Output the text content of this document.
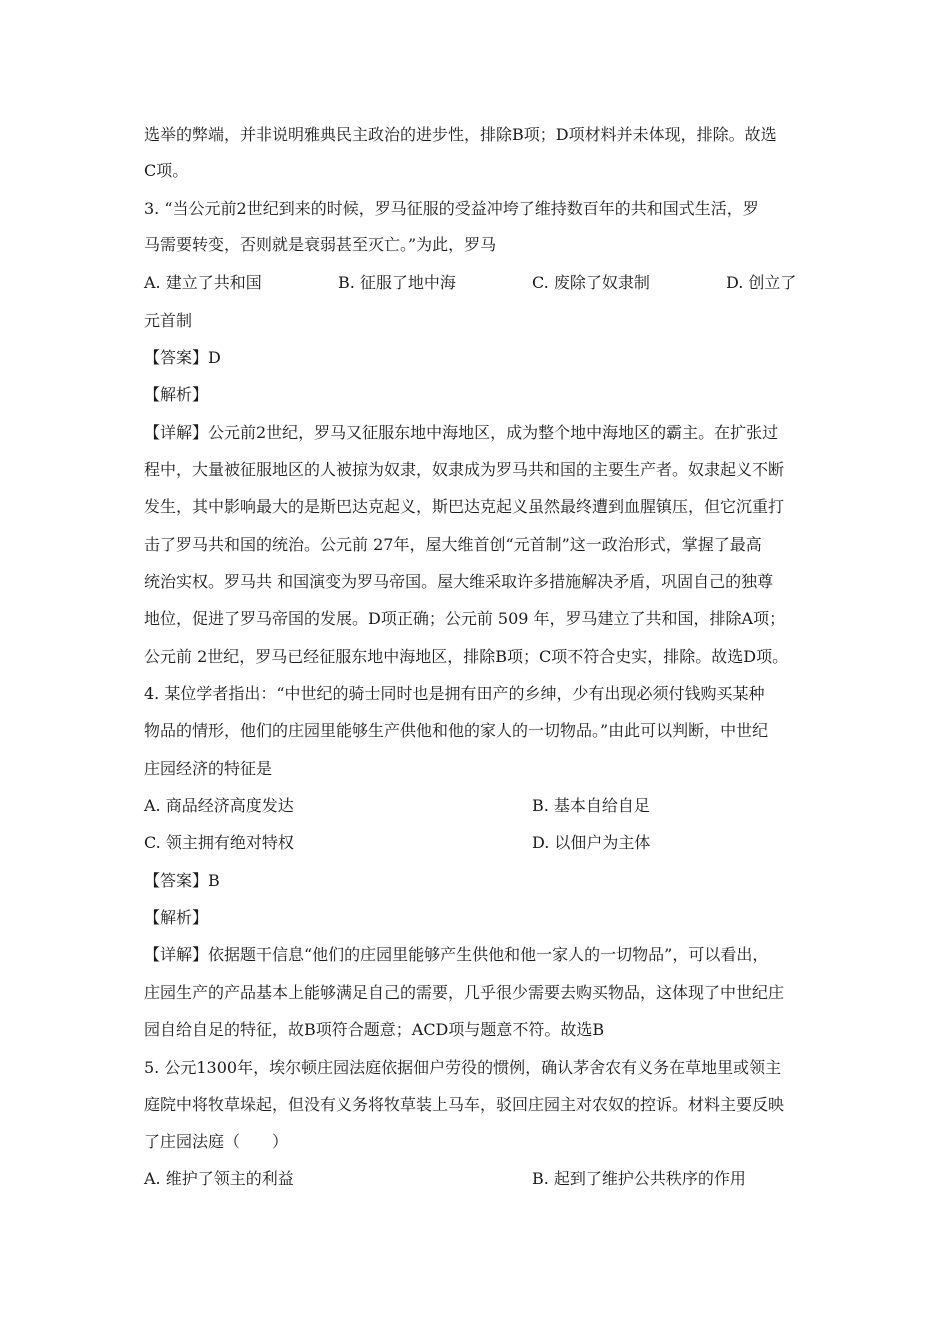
选举的弊端，并非说明雅典民主政治的进步性，排除B项；D项材料并未体现，排除。故选
C项。
3. “当公元前2世纪到来的时候，罗马征服的受益冲垮了维持数百年的共和国式生活，罗
马需要转变，否则就是衰弱甚至灭亡。”为此，罗马
A. 建立了共和国	B. 征服了地中海	C. 废除了奴隶制	D. 创立了
元首制
【答案】D
【解析】
【详解】公元前2世纪，罗马又征服东地中海地区，成为整个地中海地区的霸主。在扩张过
程中，大量被征服地区的人被掠为奴隶，奴隶成为罗马共和国的主要生产者。奴隶起义不断
发生，其中影响最大的是斯巴达克起义，斯巴达克起义虽然最终遭到血腥镇压，但它沉重打
击了罗马共和国的统治。公元前 27年，屋大维首创“元首制”这一政治形式，掌握了最高
统治实权。罗马共 和国演变为罗马帝国。屋大维采取许多措施解决矛盾，巩固自己的独尊
地位，促进了罗马帝国的发展。D项正确；公元前 509 年，罗马建立了共和国，排除A项；
公元前 2世纪，罗马已经征服东地中海地区，排除B项；C项不符合史实，排除。故选D项。
4. 某位学者指出：“中世纪的骑士同时也是拥有田产的乡绅，少有出现必须付钱购买某种
物品的情形，他们的庄园里能够生产供他和他的家人的一切物品。”由此可以判断，中世纪
庄园经济的特征是
A. 商品经济高度发达	B. 基本自给自足
C. 领主拥有绝对特权	D. 以佃户为主体
【答案】B
【解析】
【详解】依据题干信息“他们的庄园里能够产生供他和他一家人的一切物品”，可以看出，
庄园生产的产品基本上能够满足自己的需要，几乎很少需要去购买物品，这体现了中世纪庄
园自给自足的特征，故B项符合题意；ACD项与题意不符。故选B
5. 公元1300年，埃尔顿庄园法庭依据佃户劳役的惯例，确认茅舍农有义务在草地里或领主
庭院中将牧草垛起，但没有义务将牧草装上马车，驳回庄园主对农奴的控诉。材料主要反映
了庄园法庭（　　）
A. 维护了领主的利益	B. 起到了维护公共秩序的作用
